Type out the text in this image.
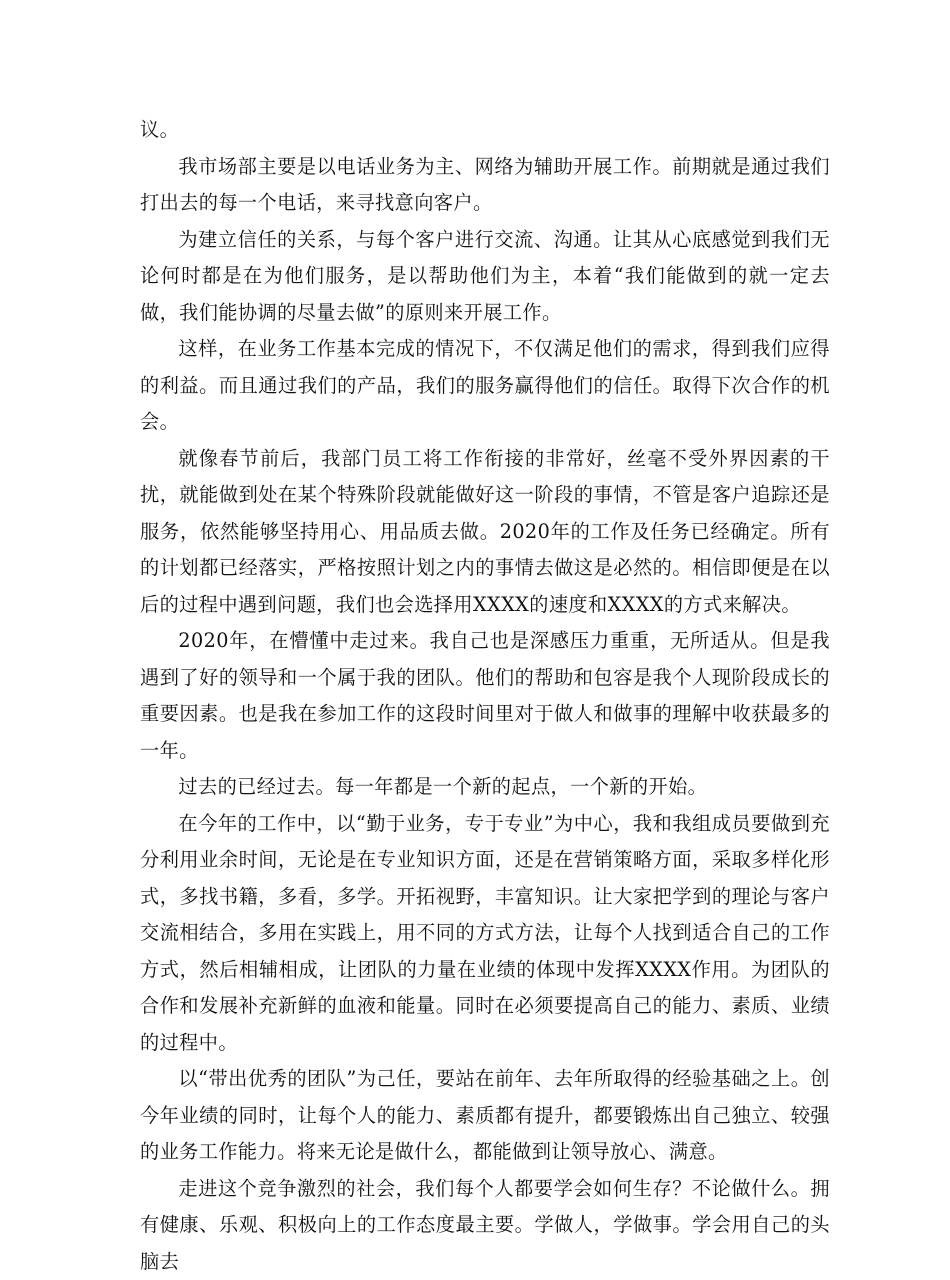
议。

我市场部主要是以电话业务为主、网络为辅助开展工作。前期就是通过我们打出去的每一个电话，来寻找意向客户。

为建立信任的关系，与每个客户进行交流、沟通。让其从心底感觉到我们无论何时都是在为他们服务，是以帮助他们为主，本着“我们能做到的就一定去做，我们能协调的尽量去做”的原则来开展工作。

这样，在业务工作基本完成的情况下，不仅满足他们的需求，得到我们应得的利益。而且通过我们的产品，我们的服务赢得他们的信任。取得下次合作的机会。

就像春节前后，我部门员工将工作衔接的非常好，丝毫不受外界因素的干扰，就能做到处在某个特殊阶段就能做好这一阶段的事情，不管是客户追踪还是服务，依然能够坚持用心、用品质去做。2020年的工作及任务已经确定。所有的计划都已经落实，严格按照计划之内的事情去做这是必然的。相信即便是在以后的过程中遇到问题，我们也会选择用XXXX的速度和XXXX的方式来解决。

2020年，在懵懂中走过来。我自己也是深感压力重重，无所适从。但是我遇到了好的领导和一个属于我的团队。他们的帮助和包容是我个人现阶段成长的重要因素。也是我在参加工作的这段时间里对于做人和做事的理解中收获最多的一年。

过去的已经过去。每一年都是一个新的起点，一个新的开始。

在今年的工作中，以“勤于业务，专于专业”为中心，我和我组成员要做到充分利用业余时间，无论是在专业知识方面，还是在营销策略方面，采取多样化形式，多找书籍，多看，多学。开拓视野，丰富知识。让大家把学到的理论与客户交流相结合，多用在实践上，用不同的方式方法，让每个人找到适合自己的工作方式，然后相辅相成，让团队的力量在业绩的体现中发挥XXXX作用。为团队的合作和发展补充新鲜的血液和能量。同时在必须要提高自己的能力、素质、业绩的过程中。

以“带出优秀的团队”为己任，要站在前年、去年所取得的经验基础之上。创今年业绩的同时，让每个人的能力、素质都有提升，都要锻炼出自己独立、较强的业务工作能力。将来无论是做什么，都能做到让领导放心、满意。

走进这个竞争激烈的社会，我们每个人都要学会如何生存？不论做什么。拥有健康、乐观、积极向上的工作态度最主要。学做人，学做事。学会用自己的头脑去
